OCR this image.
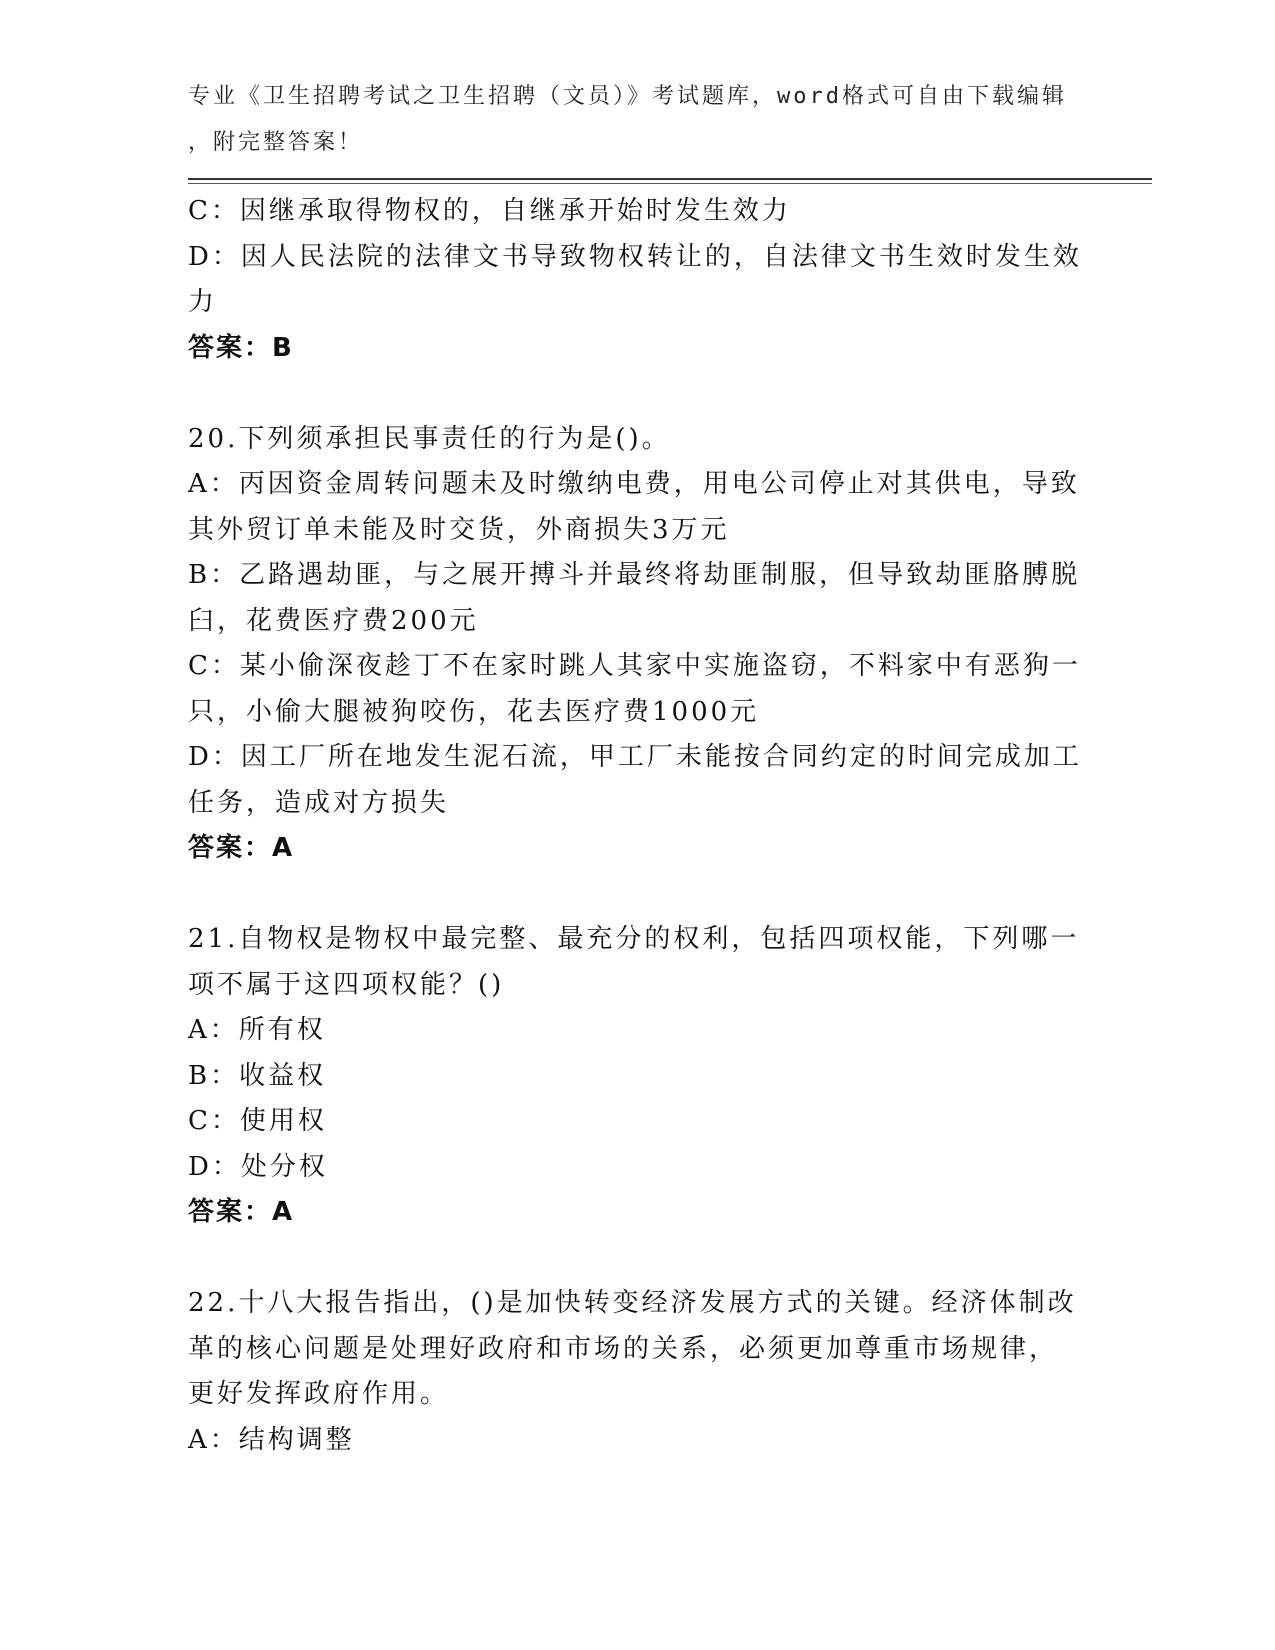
专业《卫生招聘考试之卫生招聘（文员）》考试题库，word格式可自由下载编辑
，附完整答案！
C：因继承取得物权的，自继承开始时发生效力
D：因人民法院的法律文书导致物权转让的，自法律文书生效时发生效
力
答案：B
20.下列须承担民事责任的行为是()。
A：丙因资金周转问题未及时缴纳电费，用电公司停止对其供电，导致
其外贸订单未能及时交货，外商损失3万元
B：乙路遇劫匪，与之展开搏斗并最终将劫匪制服，但导致劫匪胳膊脱
臼，花费医疗费200元
C：某小偷深夜趁丁不在家时跳人其家中实施盗窃，不料家中有恶狗一
只，小偷大腿被狗咬伤，花去医疗费1000元
D：因工厂所在地发生泥石流，甲工厂未能按合同约定的时间完成加工
任务，造成对方损失
答案：A
21.自物权是物权中最完整、最充分的权利，包括四项权能，下列哪一
项不属于这四项权能？()
A：所有权
B：收益权
C：使用权
D：处分权
答案：A
22.十八大报告指出，()是加快转变经济发展方式的关键。经济体制改
革的核心问题是处理好政府和市场的关系，必须更加尊重市场规律，
更好发挥政府作用。
A：结构调整
